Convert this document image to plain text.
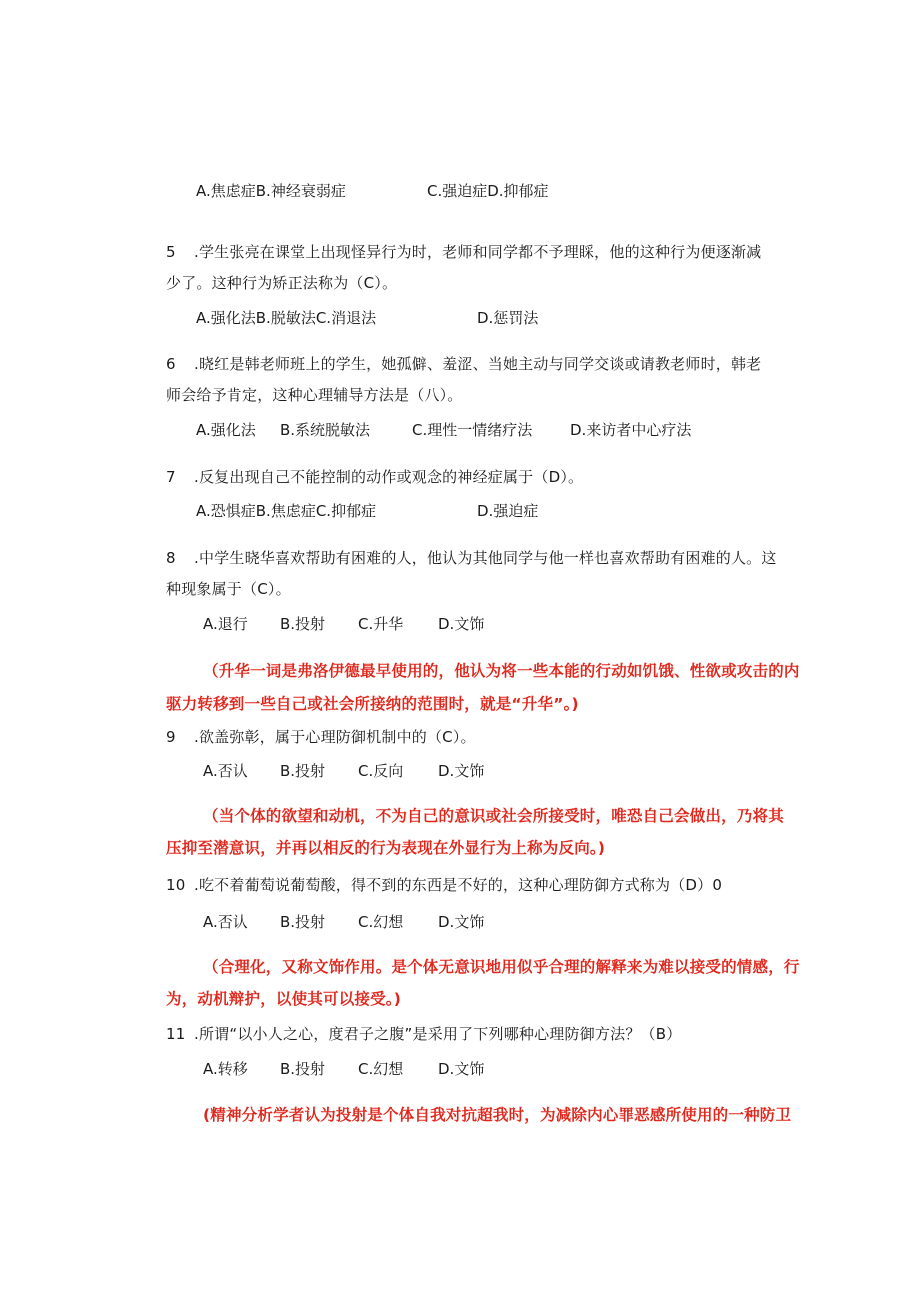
A.焦虑症B.神经衰弱症	C.强迫症D.抑郁症
5 .学生张亮在课堂上出现怪异行为时，老师和同学都不予理睬，他的这种行为便逐渐减
少了。这种行为矫正法称为（C）。
A.强化法B.脱敏法C.消退法	D.惩罚法
6 .晓红是韩老师班上的学生，她孤僻、羞涩、当她主动与同学交谈或请教老师时，韩老
师会给予肯定，这种心理辅导方法是（八）。
A.强化法 B.系统脱敏法	C.理性一情绪疗法	D.来访者中心疗法
7 .反复出现自己不能控制的动作或观念的神经症属于（D）。
A.恐惧症B.焦虑症C.抑郁症	D.强迫症
8 .中学生晓华喜欢帮助有困难的人，他认为其他同学与他一样也喜欢帮助有困难的人。这
种现象属于（C）。
A.退行 B.投射 C.升华 D.文饰
（升华一词是弗洛伊德最早使用的，他认为将一些本能的行动如饥饿、性欲或攻击的内
驱力转移到一些自己或社会所接纳的范围时，就是“升华”。)
9 .欲盖弥彰，属于心理防御机制中的（C）。
A.否认 B.投射 C.反向 D.文饰
（当个体的欲望和动机，不为自己的意识或社会所接受时，唯恐自己会做出，乃将其
压抑至潜意识，并再以相反的行为表现在外显行为上称为反向。)
10 .吃不着葡萄说葡萄酸，得不到的东西是不好的，这种心理防御方式称为（D）0
A.否认 B.投射 C.幻想 D.文饰
（合理化，又称文饰作用。是个体无意识地用似乎合理的解释来为难以接受的情感，行
为，动机辩护，以使其可以接受。)
11 .所谓“以小人之心，度君子之腹”是采用了下列哪种心理防御方法？（B）
A.转移 B.投射 C.幻想 D.文饰
(精神分析学者认为投射是个体自我对抗超我时，为减除内心罪恶感所使用的一种防卫
